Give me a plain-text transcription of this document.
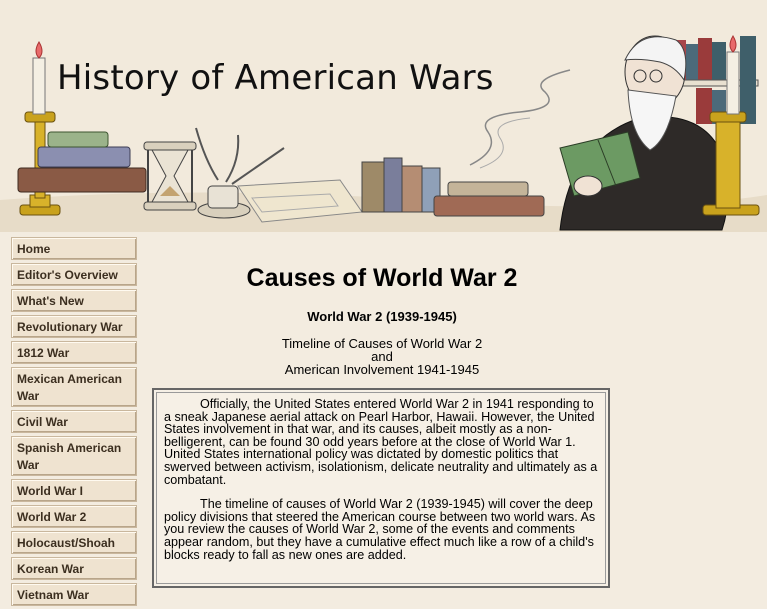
History of American Wars
Home
Editor's Overview
What's New
Revolutionary War
1812 War
Mexican American War
Civil War
Spanish American War
World War I
World War 2
Holocaust/Shoah
Korean War
Vietnam War
Causes of World War 2
World War 2 (1939-1945)
Timeline of Causes of World War 2
and
American Involvement 1941-1945

Officially, the United States entered World War 2 in 1941 responding to a sneak Japanese aerial attack on Pearl Harbor, Hawaii. However, the United States involvement in that war, and its causes, albeit mostly as a non-belligerent, can be found 30 odd years before at the close of World War 1. United States international policy was dictated by domestic politics that swerved between activism, isolationism, delicate neutrality and ultimately as a combatant.

The timeline of causes of World War 2 (1939-1945) will cover the deep policy divisions that steered the American course between two world wars. As you review the causes of World War 2, some of the events and comments appear random, but they have a cumulative effect much like a row of a child's blocks ready to fall as new ones are added.
